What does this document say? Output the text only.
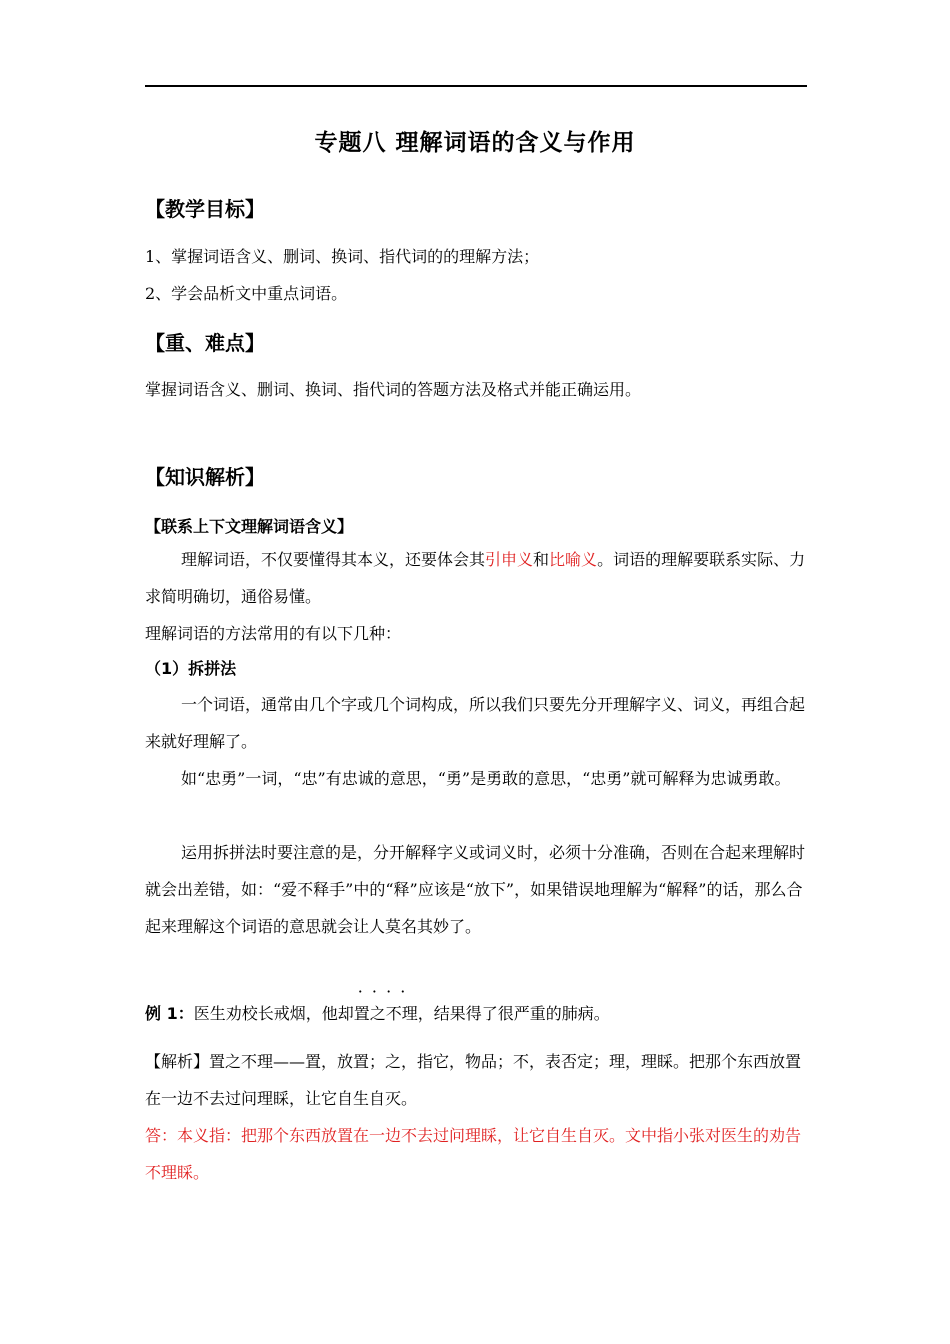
专题八 理解词语的含义与作用
【教学目标】
1、掌握词语含义、删词、换词、指代词的的理解方法；
2、学会品析文中重点词语。
【重、难点】
掌握词语含义、删词、换词、指代词的答题方法及格式并能正确运用。
【知识解析】
【联系上下文理解词语含义】
理解词语，不仅要懂得其本义，还要体会其引申义和比喻义。词语的理解要联系实际、力求简明确切，通俗易懂。
理解词语的方法常用的有以下几种：
（1）拆拼法
一个词语，通常由几个字或几个词构成，所以我们只要先分开理解字义、词义，再组合起来就好理解了。
如“忠勇”一词，“忠”有忠诚的意思，“勇”是勇敢的意思，“忠勇”就可解释为忠诚勇敢。
运用拆拼法时要注意的是，分开解释字义或词义时，必须十分准确，否则在合起来理解时就会出差错，如：“爱不释手”中的“释”应该是“放下”，如果错误地理解为“解释”的话，那么合起来理解这个词语的意思就会让人莫名其妙了。
例 1：医生劝校长戒烟，他却置之不理 · ·，结果得了很严重的肺病。
【解析】置之不理——置，放置；之，指它，物品；不，表否定；理，理睬。把那个东西放置在一边不去过问理睬，让它自生自灭。
答：本义指：把那个东西放置在一边不去过问理睬，让它自生自灭。文中指小张对医生的劝告不理睬。
